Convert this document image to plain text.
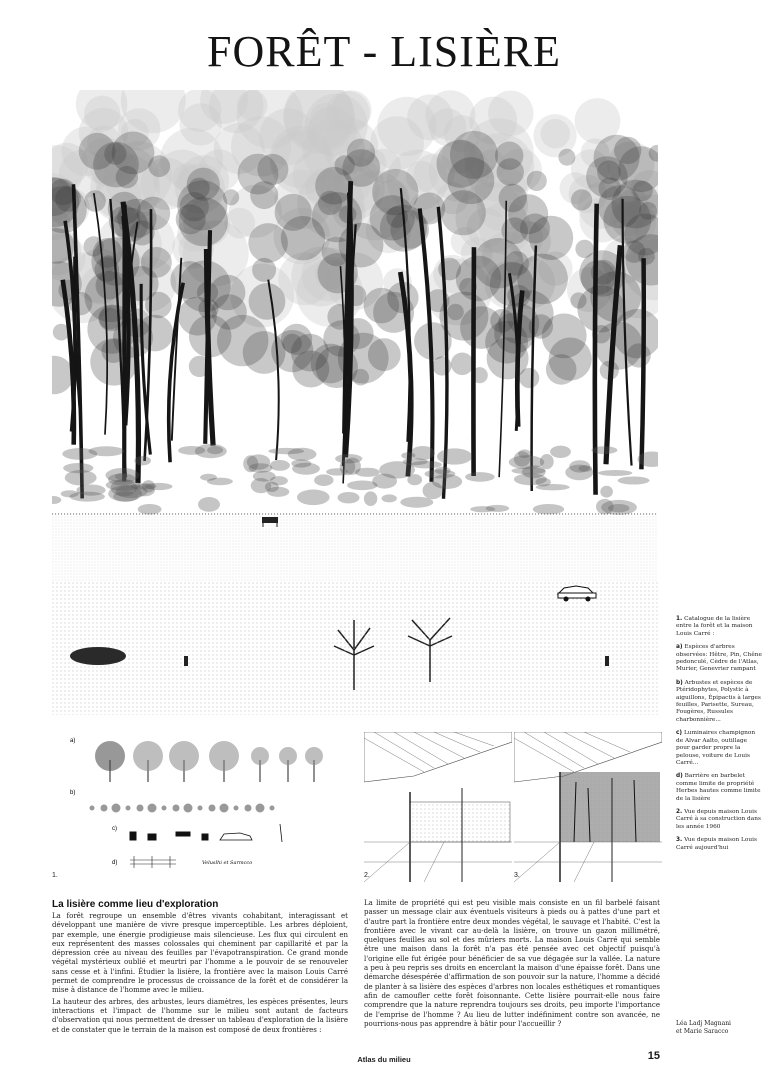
FORÊT - LISIÈRE
a)
b)
c)
d)	Veluslhi et Sarmcco
1.	2.	3.

1. Catalogue de la lisière entre la forêt et la maison Louis Carré :

a) Espèces d'arbres observées: Hêtre, Pin, Chêne pedonculé, Cèdre de l'Atlas, Murier, Genevrier rampant

b) Arbustes et espèces de Ptéridophytes, Polystic à aiguillons, Épipactis à larges feuilles, Parisette, Sureau, Fougères, Russules charbonnière...

c) Luminaires champignon de Alvar Aalto, outillage pour garder propre la pelouse, voiture de Louis Carré...

d) Barrière en barbelet comme limite de propriété Herbes hautes comme limite de la lisière

2. Vue depuis maison Louis Carré à sa construction dans les année 1960

3. Vue depuis maison Louis Carré aujourd'hui

La lisière comme lieu d'exploration

La forêt regroupe un ensemble d'êtres vivants cohabitant, interagissant et développant une manière de vivre presque imperceptible. Les arbres déploient, par exemple, une énergie prodigieuse mais silencieuse. Les flux qui circulent en eux représentent des masses colossales qui cheminent par capillarité et par la dépression crée au niveau des feuilles par l'évapotranspiration. Ce grand monde végétal mystérieux oublié et meurtri par l'homme a le pouvoir de se renouveler sans cesse et à l'infini. Étudier la lisière, la frontière avec la maison Louis Carré permet de comprendre le processus de croissance de la forêt et de considérer la mise à distance de l'homme avec le milieu.

La hauteur des arbres, des arbustes, leurs diamètres, les espèces présentes, leurs interactions et l'impact de l'homme sur le milieu sont autant de facteurs d'observation qui nous permettent de dresser un tableau d'exploration de la lisière et de constater que le terrain de la maison est composé de deux frontières :

La limite de propriété qui est peu visible mais consiste en un fil barbelé faisant passer un message clair aux éventuels visiteurs à pieds ou à pattes d'une part et d'autre part la frontière entre deux mondes végétal, le sauvage et l'habité. C'est la frontière avec le vivant car au-delà la lisière, on trouve un gazon millimétré, quelques feuilles au sol et des mûriers morts. La maison Louis Carré qui semble être une maison dans la forêt n'a pas été pensée avec cet objectif puisqu'à l'origine elle fut érigée pour bénéficier de sa vue dégagée sur la vallée. La nature a peu à peu repris ses droits en encerclant la maison d'une épaisse forêt. Dans une démarche désespérée d'affirmation de son pouvoir sur la nature, l'homme a décidé de planter à sa lisière des espèces d'arbres non locales esthétiques et romantiques afin de camoufler cette forêt foisonnante. Cette lisière pourrait-elle nous faire comprendre que la nature reprendra toujours ses droits, peu importe l'importance de l'emprise de l'homme ? Au lieu de lutter indéfiniment contre son avancée, ne pourrions-nous pas apprendre à bâtir pour l'accueillir ?	Léa Ladj Magnani
et Marie Saracco
Atlas du milieu	15
